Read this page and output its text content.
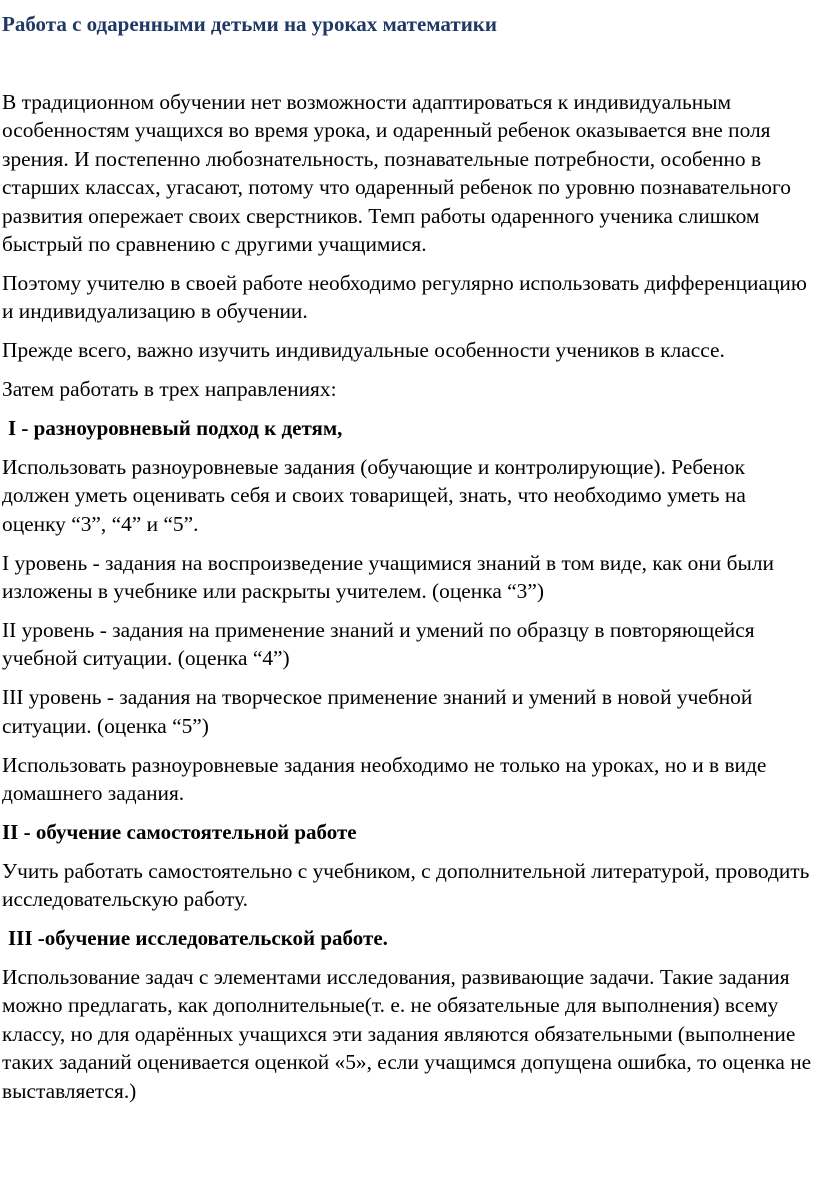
Работа с одаренными детьми на уроках математики

В традиционном обучении нет возможности адаптироваться к индивидуальным особенностям учащихся во время урока, и одаренный ребенок оказывается вне поля зрения. И постепенно любознательность, познавательные потребности, особенно в старших классах, угасают, потому что одаренный ребенок по уровню познавательного развития опережает своих сверстников. Темп работы одаренного ученика слишком быстрый по сравнению с другими учащимися.

Поэтому учителю в своей работе необходимо регулярно использовать дифференциацию и индивидуализацию в обучении.

Прежде всего, важно изучить индивидуальные особенности учеников в классе.

Затем работать в трех направлениях:

I - разноуровневый подход к детям,

Использовать разноуровневые задания (обучающие и контролирующие). Ребенок должен уметь оценивать себя и своих товарищей, знать, что необходимо уметь на оценку “3”, “4” и “5”.

I уровень - задания на воспроизведение учащимися знаний в том виде, как они были изложены в учебнике или раскрыты учителем. (оценка “3”)

II уровень - задания на применение знаний и умений по образцу в повторяющейся учебной ситуации. (оценка “4”)

III уровень - задания на творческое применение знаний и умений в новой учебной ситуации. (оценка “5”)

Использовать разноуровневые задания необходимо не только на уроках, но и в виде домашнего задания.

II - обучение самостоятельной работе

Учить работать самостоятельно с учебником, с дополнительной литературой, проводить исследовательскую работу.

III -обучение исследовательской работе.

Использование задач с элементами исследования, развивающие задачи. Такие задания можно предлагать, как дополнительные(т. е. не обязательные для выполнения) всему классу, но для одарённых учащихся эти задания являются обязательными (выполнение таких заданий оценивается оценкой «5», если учащимся допущена ошибка, то оценка не выставляется.)
